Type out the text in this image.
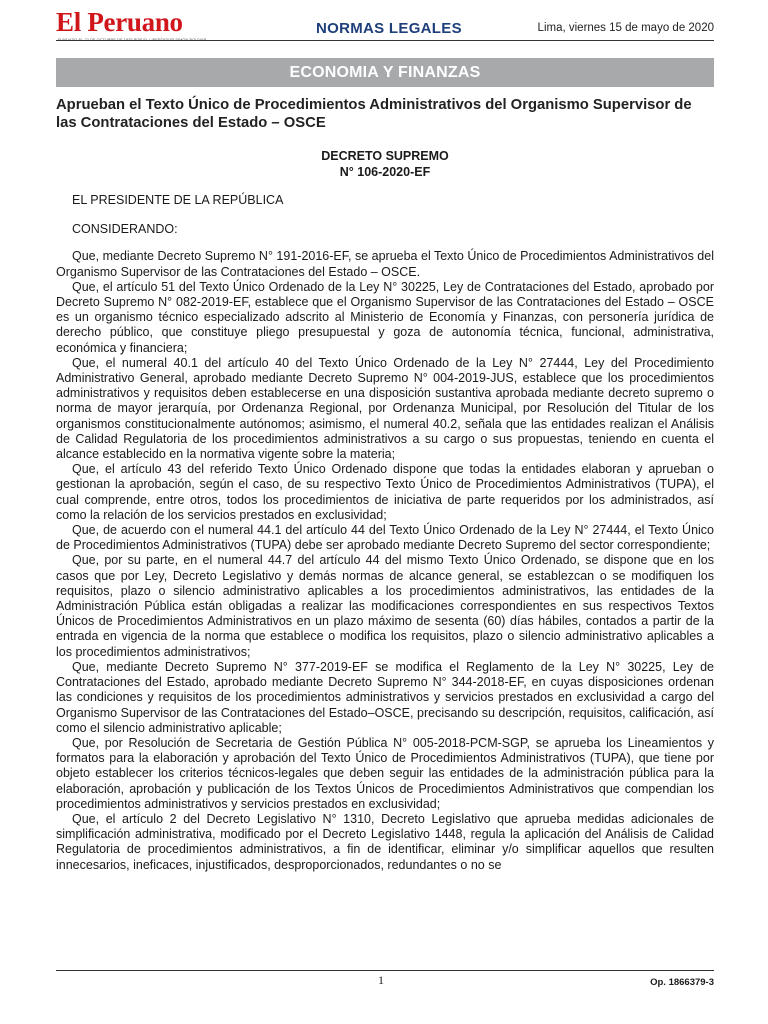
El Peruano	NORMAS LEGALES	Lima, viernes 15 de mayo de 2020
ECONOMIA Y FINANZAS
Aprueban el Texto Único de Procedimientos Administrativos del Organismo Supervisor de las Contrataciones del Estado – OSCE
DECRETO SUPREMO
N° 106-2020-EF

EL PRESIDENTE DE LA REPÚBLICA

CONSIDERANDO:

Que, mediante Decreto Supremo N° 191-2016-EF, se aprueba el Texto Único de Procedimientos Administrativos del Organismo Supervisor de las Contrataciones del Estado – OSCE.

Que, el artículo 51 del Texto Único Ordenado de la Ley N° 30225, Ley de Contrataciones del Estado, aprobado por Decreto Supremo N° 082-2019-EF, establece que el Organismo Supervisor de las Contrataciones del Estado – OSCE es un organismo técnico especializado adscrito al Ministerio de Economía y Finanzas, con personería jurídica de derecho público, que constituye pliego presupuestal y goza de autonomía técnica, funcional, administrativa, económica y financiera;

Que, el numeral 40.1 del artículo 40 del Texto Único Ordenado de la Ley N° 27444, Ley del Procedimiento Administrativo General, aprobado mediante Decreto Supremo N° 004-2019-JUS, establece que los procedimientos administrativos y requisitos deben establecerse en una disposición sustantiva aprobada mediante decreto supremo o norma de mayor jerarquía, por Ordenanza Regional, por Ordenanza Municipal, por Resolución del Titular de los organismos constitucionalmente autónomos; asimismo, el numeral 40.2, señala que las entidades realizan el Análisis de Calidad Regulatoria de los procedimientos administrativos a su cargo o sus propuestas, teniendo en cuenta el alcance establecido en la normativa vigente sobre la materia;

Que, el artículo 43 del referido Texto Único Ordenado dispone que todas la entidades elaboran y aprueban o gestionan la aprobación, según el caso, de su respectivo Texto Único de Procedimientos Administrativos (TUPA), el cual comprende, entre otros, todos los procedimientos de iniciativa de parte requeridos por los administrados, así como la relación de los servicios prestados en exclusividad;

Que, de acuerdo con el numeral 44.1 del artículo 44 del Texto Único Ordenado de la Ley N° 27444, el Texto Único de Procedimientos Administrativos (TUPA) debe ser aprobado mediante Decreto Supremo del sector correspondiente;

Que, por su parte, en el numeral 44.7 del artículo 44 del mismo Texto Único Ordenado, se dispone que en los casos que por Ley, Decreto Legislativo y demás normas de alcance general, se establezcan o se modifiquen los requisitos, plazo o silencio administrativo aplicables a los procedimientos administrativos, las entidades de la Administración Pública están obligadas a realizar las modificaciones correspondientes en sus respectivos Textos Únicos de Procedimientos Administrativos en un plazo máximo de sesenta (60) días hábiles, contados a partir de la entrada en vigencia de la norma que establece o modifica los requisitos, plazo o silencio administrativo aplicables a los procedimientos administrativos;

Que, mediante Decreto Supremo N° 377-2019-EF se modifica el Reglamento de la Ley N° 30225, Ley de Contrataciones del Estado, aprobado mediante Decreto Supremo N° 344-2018-EF, en cuyas disposiciones ordenan las condiciones y requisitos de los procedimientos administrativos y servicios prestados en exclusividad a cargo del Organismo Supervisor de las Contrataciones del Estado–OSCE, precisando su descripción, requisitos, calificación, así como el silencio administrativo aplicable;

Que, por Resolución de Secretaria de Gestión Pública N° 005-2018-PCM-SGP, se aprueba los Lineamientos y formatos para la elaboración y aprobación del Texto Único de Procedimientos Administrativos (TUPA), que tiene por objeto establecer los criterios técnicos-legales que deben seguir las entidades de la administración pública para la elaboración, aprobación y publicación de los Textos Únicos de Procedimientos Administrativos que compendian los procedimientos administrativos y servicios prestados en exclusividad;

Que, el artículo 2 del Decreto Legislativo N° 1310, Decreto Legislativo que aprueba medidas adicionales de simplificación administrativa, modificado por el Decreto Legislativo 1448, regula la aplicación del Análisis de Calidad Regulatoria de procedimientos administrativos, a fin de identificar, eliminar y/o simplificar aquellos que resulten innecesarios, ineficaces, injustificados, desproporcionados, redundantes o no se

1	Op. 1866379-3
